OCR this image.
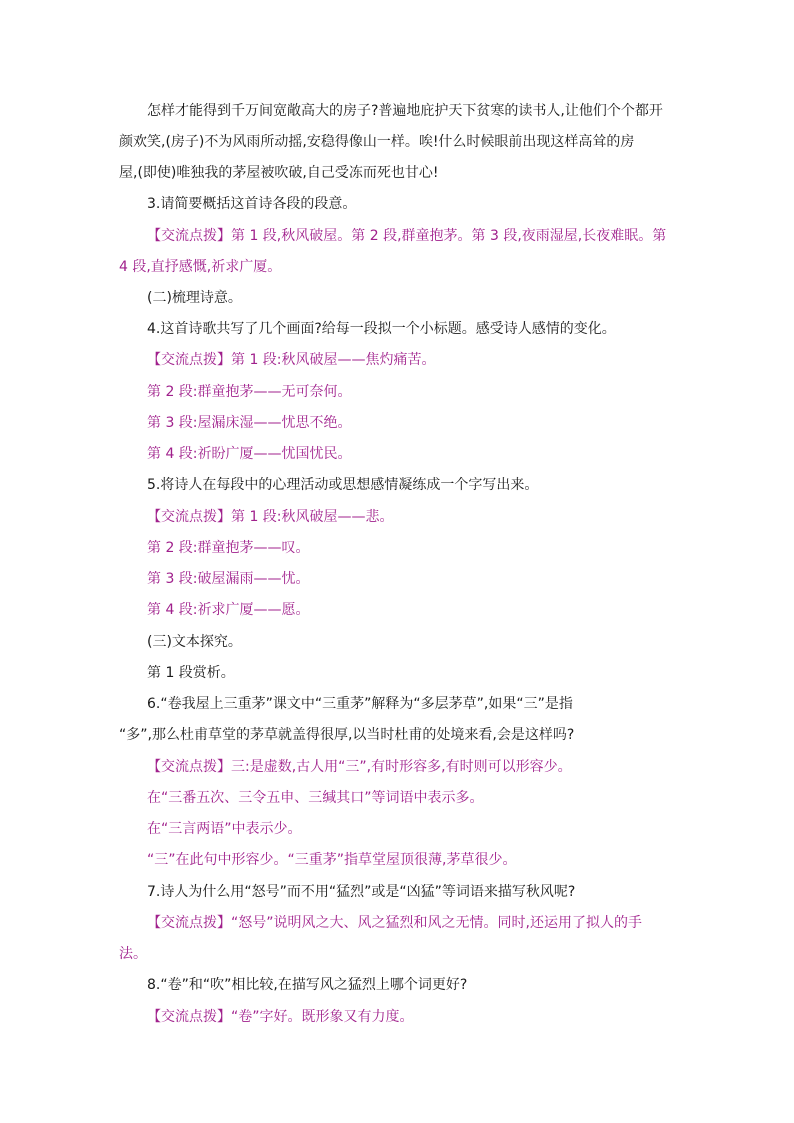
怎样才能得到千万间宽敞高大的房子?普遍地庇护天下贫寒的读书人,让他们个个都开
颜欢笑,(房子)不为风雨所动摇,安稳得像山一样。唉!什么时候眼前出现这样高耸的房
屋,(即使)唯独我的茅屋被吹破,自己受冻而死也甘心!
3.请简要概括这首诗各段的段意。
【交流点拨】第 1 段,秋风破屋。第 2 段,群童抱茅。第 3 段,夜雨湿屋,长夜难眠。第
4 段,直抒感慨,祈求广厦。
(二)梳理诗意。
4.这首诗歌共写了几个画面?给每一段拟一个小标题。感受诗人感情的变化。
【交流点拨】第 1 段:秋风破屋——焦灼痛苦。
第 2 段:群童抱茅——无可奈何。
第 3 段:屋漏床湿——忧思不绝。
第 4 段:祈盼广厦——忧国忧民。
5.将诗人在每段中的心理活动或思想感情凝练成一个字写出来。
【交流点拨】第 1 段:秋风破屋——悲。
第 2 段:群童抱茅——叹。
第 3 段:破屋漏雨——忧。
第 4 段:祈求广厦——愿。
(三)文本探究。
第 1 段赏析。
6.“卷我屋上三重茅”课文中“三重茅”解释为“多层茅草”,如果“三”是指
“多”,那么杜甫草堂的茅草就盖得很厚,以当时杜甫的处境来看,会是这样吗?
【交流点拨】三:是虚数,古人用“三”,有时形容多,有时则可以形容少。
在“三番五次、三令五申、三缄其口”等词语中表示多。
在“三言两语”中表示少。
“三”在此句中形容少。“三重茅”指草堂屋顶很薄,茅草很少。
7.诗人为什么用“怒号”而不用“猛烈”或是“凶猛”等词语来描写秋风呢?
【交流点拨】“怒号”说明风之大、风之猛烈和风之无情。同时,还运用了拟人的手
法。
8.“卷”和“吹”相比较,在描写风之猛烈上哪个词更好?
【交流点拨】“卷”字好。既形象又有力度。
